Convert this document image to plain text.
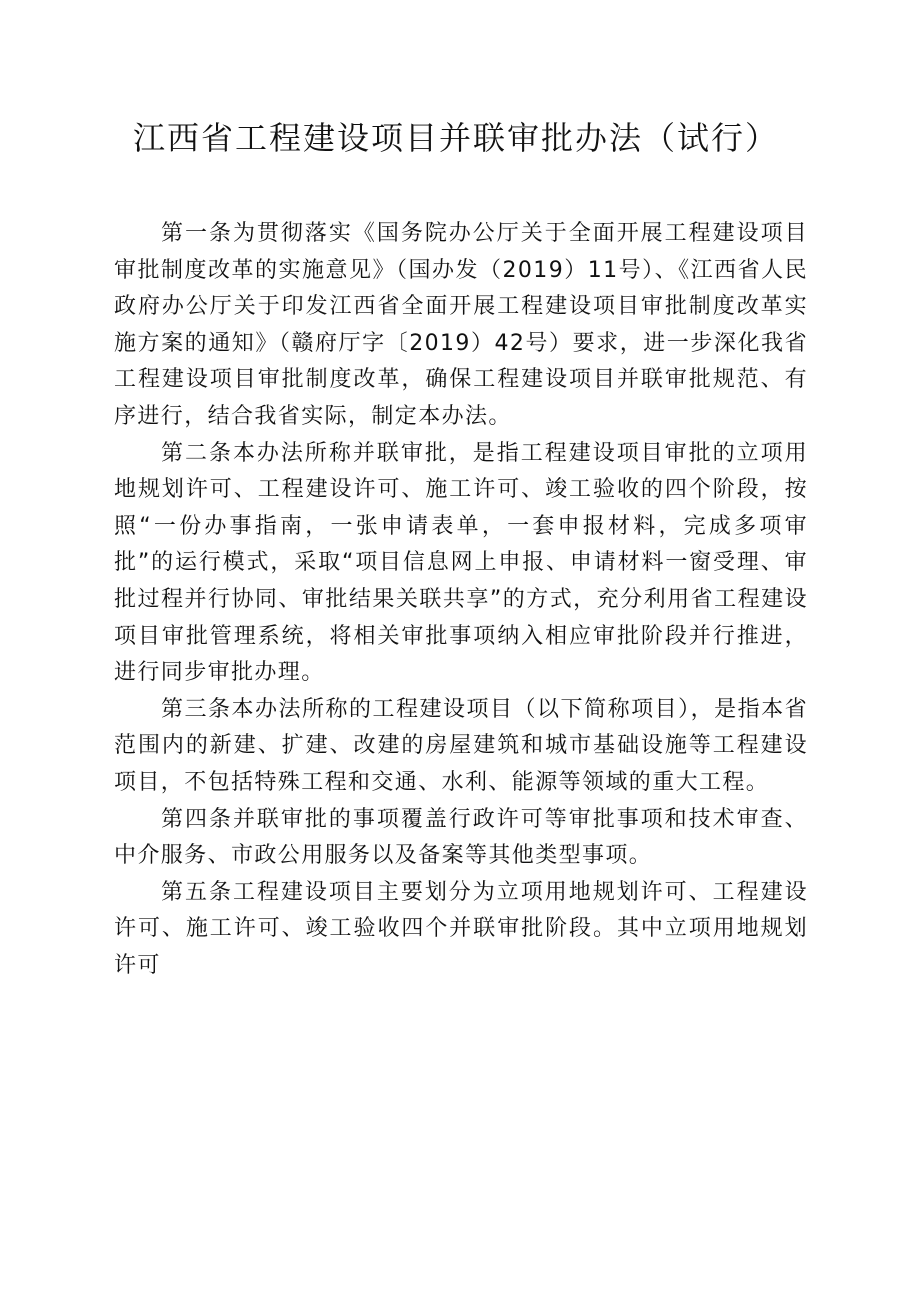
江西省工程建设项目并联审批办法（试行）

第一条为贯彻落实《国务院办公厅关于全面开展工程建设项目审批制度改革的实施意见》（国办发（2019）11号）、《江西省人民政府办公厅关于印发江西省全面开展工程建设项目审批制度改革实施方案的通知》（赣府厅字〔2019）42号）要求，进一步深化我省工程建设项目审批制度改革，确保工程建设项目并联审批规范、有序进行，结合我省实际，制定本办法。

第二条本办法所称并联审批，是指工程建设项目审批的立项用地规划许可、工程建设许可、施工许可、竣工验收的四个阶段，按照“一份办事指南，一张申请表单，一套申报材料，完成多项审批”的运行模式，采取“项目信息网上申报、申请材料一窗受理、审批过程并行协同、审批结果关联共享”的方式，充分利用省工程建设项目审批管理系统，将相关审批事项纳入相应审批阶段并行推进，进行同步审批办理。

第三条本办法所称的工程建设项目（以下简称项目），是指本省范围内的新建、扩建、改建的房屋建筑和城市基础设施等工程建设项目，不包括特殊工程和交通、水利、能源等领域的重大工程。

第四条并联审批的事项覆盖行政许可等审批事项和技术审查、中介服务、市政公用服务以及备案等其他类型事项。

第五条工程建设项目主要划分为立项用地规划许可、工程建设许可、施工许可、竣工验收四个并联审批阶段。其中立项用地规划许可
